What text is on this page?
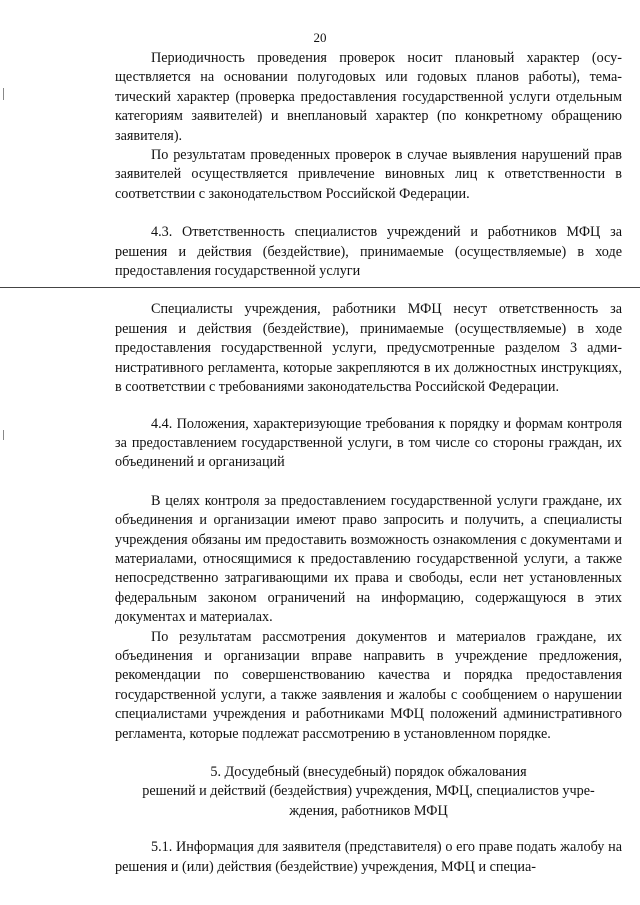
20

Периодичность проведения проверок носит плановый характер (осуществляется на основании полугодовых или годовых планов работы), тематический характер (проверка предоставления государственной услуги отдельным категориям заявителей) и внеплановый характер (по конкретному обращению заявителя).

По результатам проведенных проверок в случае выявления нарушений прав заявителей осуществляется привлечение виновных лиц к ответственности в соответствии с законодательством Российской Федерации.

4.3. Ответственность специалистов учреждений и работников МФЦ за решения и действия (бездействие), принимаемые (осуществляемые) в ходе предоставления государственной услуги

Специалисты учреждения, работники МФЦ несут ответственность за решения и действия (бездействие), принимаемые (осуществляемые) в ходе предоставления государственной услуги, предусмотренные разделом 3 административного регламента, которые закрепляются в их должностных инструкциях, в соответствии с требованиями законодательства Российской Федерации.

4.4. Положения, характеризующие требования к порядку и формам контроля за предоставлением государственной услуги, в том числе со стороны граждан, их объединений и организаций

В целях контроля за предоставлением государственной услуги граждане, их объединения и организации имеют право запросить и получить, а специалисты учреждения обязаны им предоставить возможность ознакомления с документами и материалами, относящимися к предоставлению государственной услуги, а также непосредственно затрагивающими их права и свободы, если нет установленных федеральным законом ограничений на информацию, содержащуюся в этих документах и материалах.

По результатам рассмотрения документов и материалов граждане, их объединения и организации вправе направить в учреждение предложения, рекомендации по совершенствованию качества и порядка предоставления государственной услуги, а также заявления и жалобы с сообщением о нарушении специалистами учреждения и работниками МФЦ положений административного регламента, которые подлежат рассмотрению в установленном порядке.

5. Досудебный (внесудебный) порядок обжалования
решений и действий (бездействия) учреждения, МФЦ, специалистов учре-
ждения, работников МФЦ

5.1. Информация для заявителя (представителя) о его праве подать жалобу на решения и (или) действия (бездействие) учреждения, МФЦ и специа-
